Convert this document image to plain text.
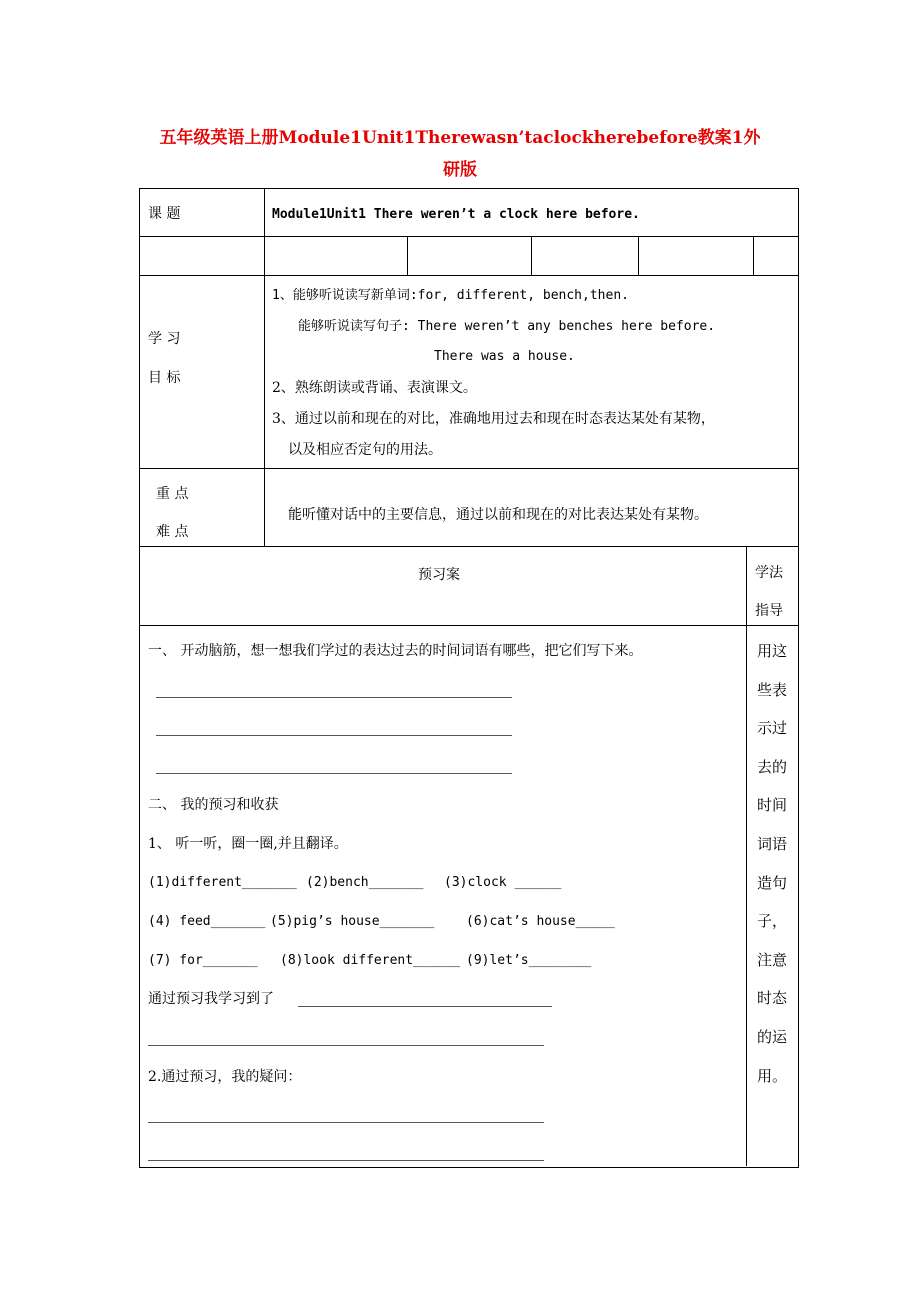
五年级英语上册Module1Unit1Therewasn’taclockherebefore教案1外
研版
课 题	Module1Unit1 There weren’t a clock here before.
学 习
目 标
1、能够听说读写新单词:for, different, bench,then.
能够听说读写句子: There weren’t any benches here before.
There was a house.
2、熟练朗读或背诵、表演课文。
3、通过以前和现在的对比，准确地用过去和现在时态表达某处有某物，
以及相应否定句的用法。
重 点
难 点
能听懂对话中的主要信息，通过以前和现在的对比表达某处有某物。
预习案	学法
指导
一、 开动脑筋，想一想我们学过的表达过去的时间词语有哪些，把它们写下来。
二、 我的预习和收获
1、 听一听，圈一圈,并且翻译。
(1)different_______ (2)bench_______ (3)clock ______
(4) feed_______ (5)pig’s house_______ (6)cat’s house_____
(7) for_______ (8)look different______ (9)let’s________
通过预习我学习到了
2.通过预习，我的疑问：
用这
些表
示过
去的
时间
词语
造句
子，
注意
时态
的运
用。
